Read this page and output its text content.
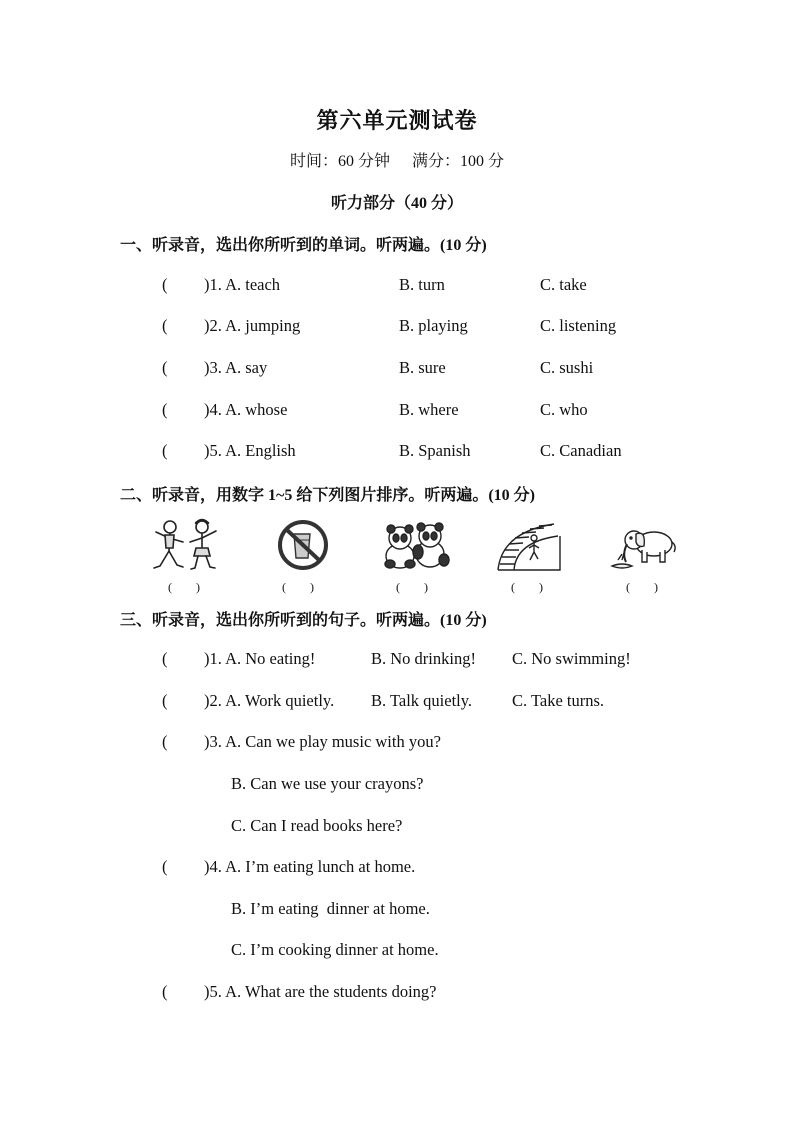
第六单元测试卷
时间：60 分钟 满分：100 分
听力部分（40 分）
一、听录音，选出你所听到的单词。听两遍。(10 分)
( )1. A. teach	B. turn	C. take
( )2. A. jumping	B. playing	C. listening
( )3. A. say	B. sure	C. sushi
( )4. A. whose	B. where	C. who
( )5. A. English	B. Spanish	C. Canadian
二、听录音，用数字 1~5 给下列图片排序。听两遍。(10 分)
(　　)	(　　)	(　　)	(　　)	(　　)
三、听录音，选出你所听到的句子。听两遍。(10 分)
( )1. A. No eating!	B. No drinking! C. No swimming!
( )2. A. Work quietly. B. Talk quietly. C. Take turns.
( )3. A. Can we play music with you?
B. Can we use your crayons?
C. Can I read books here?
( )4. A. I’m eating lunch at home.
B. I’m eating  dinner at home.
C. I’m cooking dinner at home.
( )5. A. What are the students doing?
